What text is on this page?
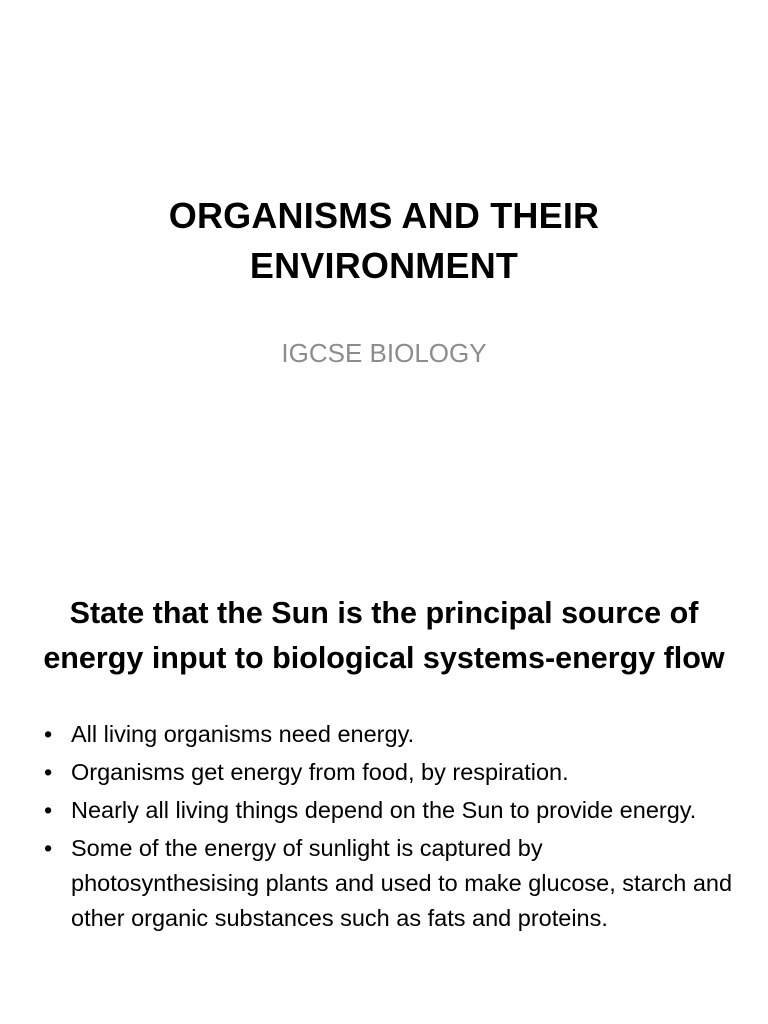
ORGANISMS AND THEIR ENVIRONMENT
IGCSE BIOLOGY
State that the Sun is the principal source of energy input to biological systems-energy flow
• All living organisms need energy.
• Organisms get energy from food, by respiration.
• Nearly all living things depend on the Sun to provide energy.
• Some of the energy of sunlight is captured by photosynthesising plants and used to make glucose, starch and other organic substances such as fats and proteins.
